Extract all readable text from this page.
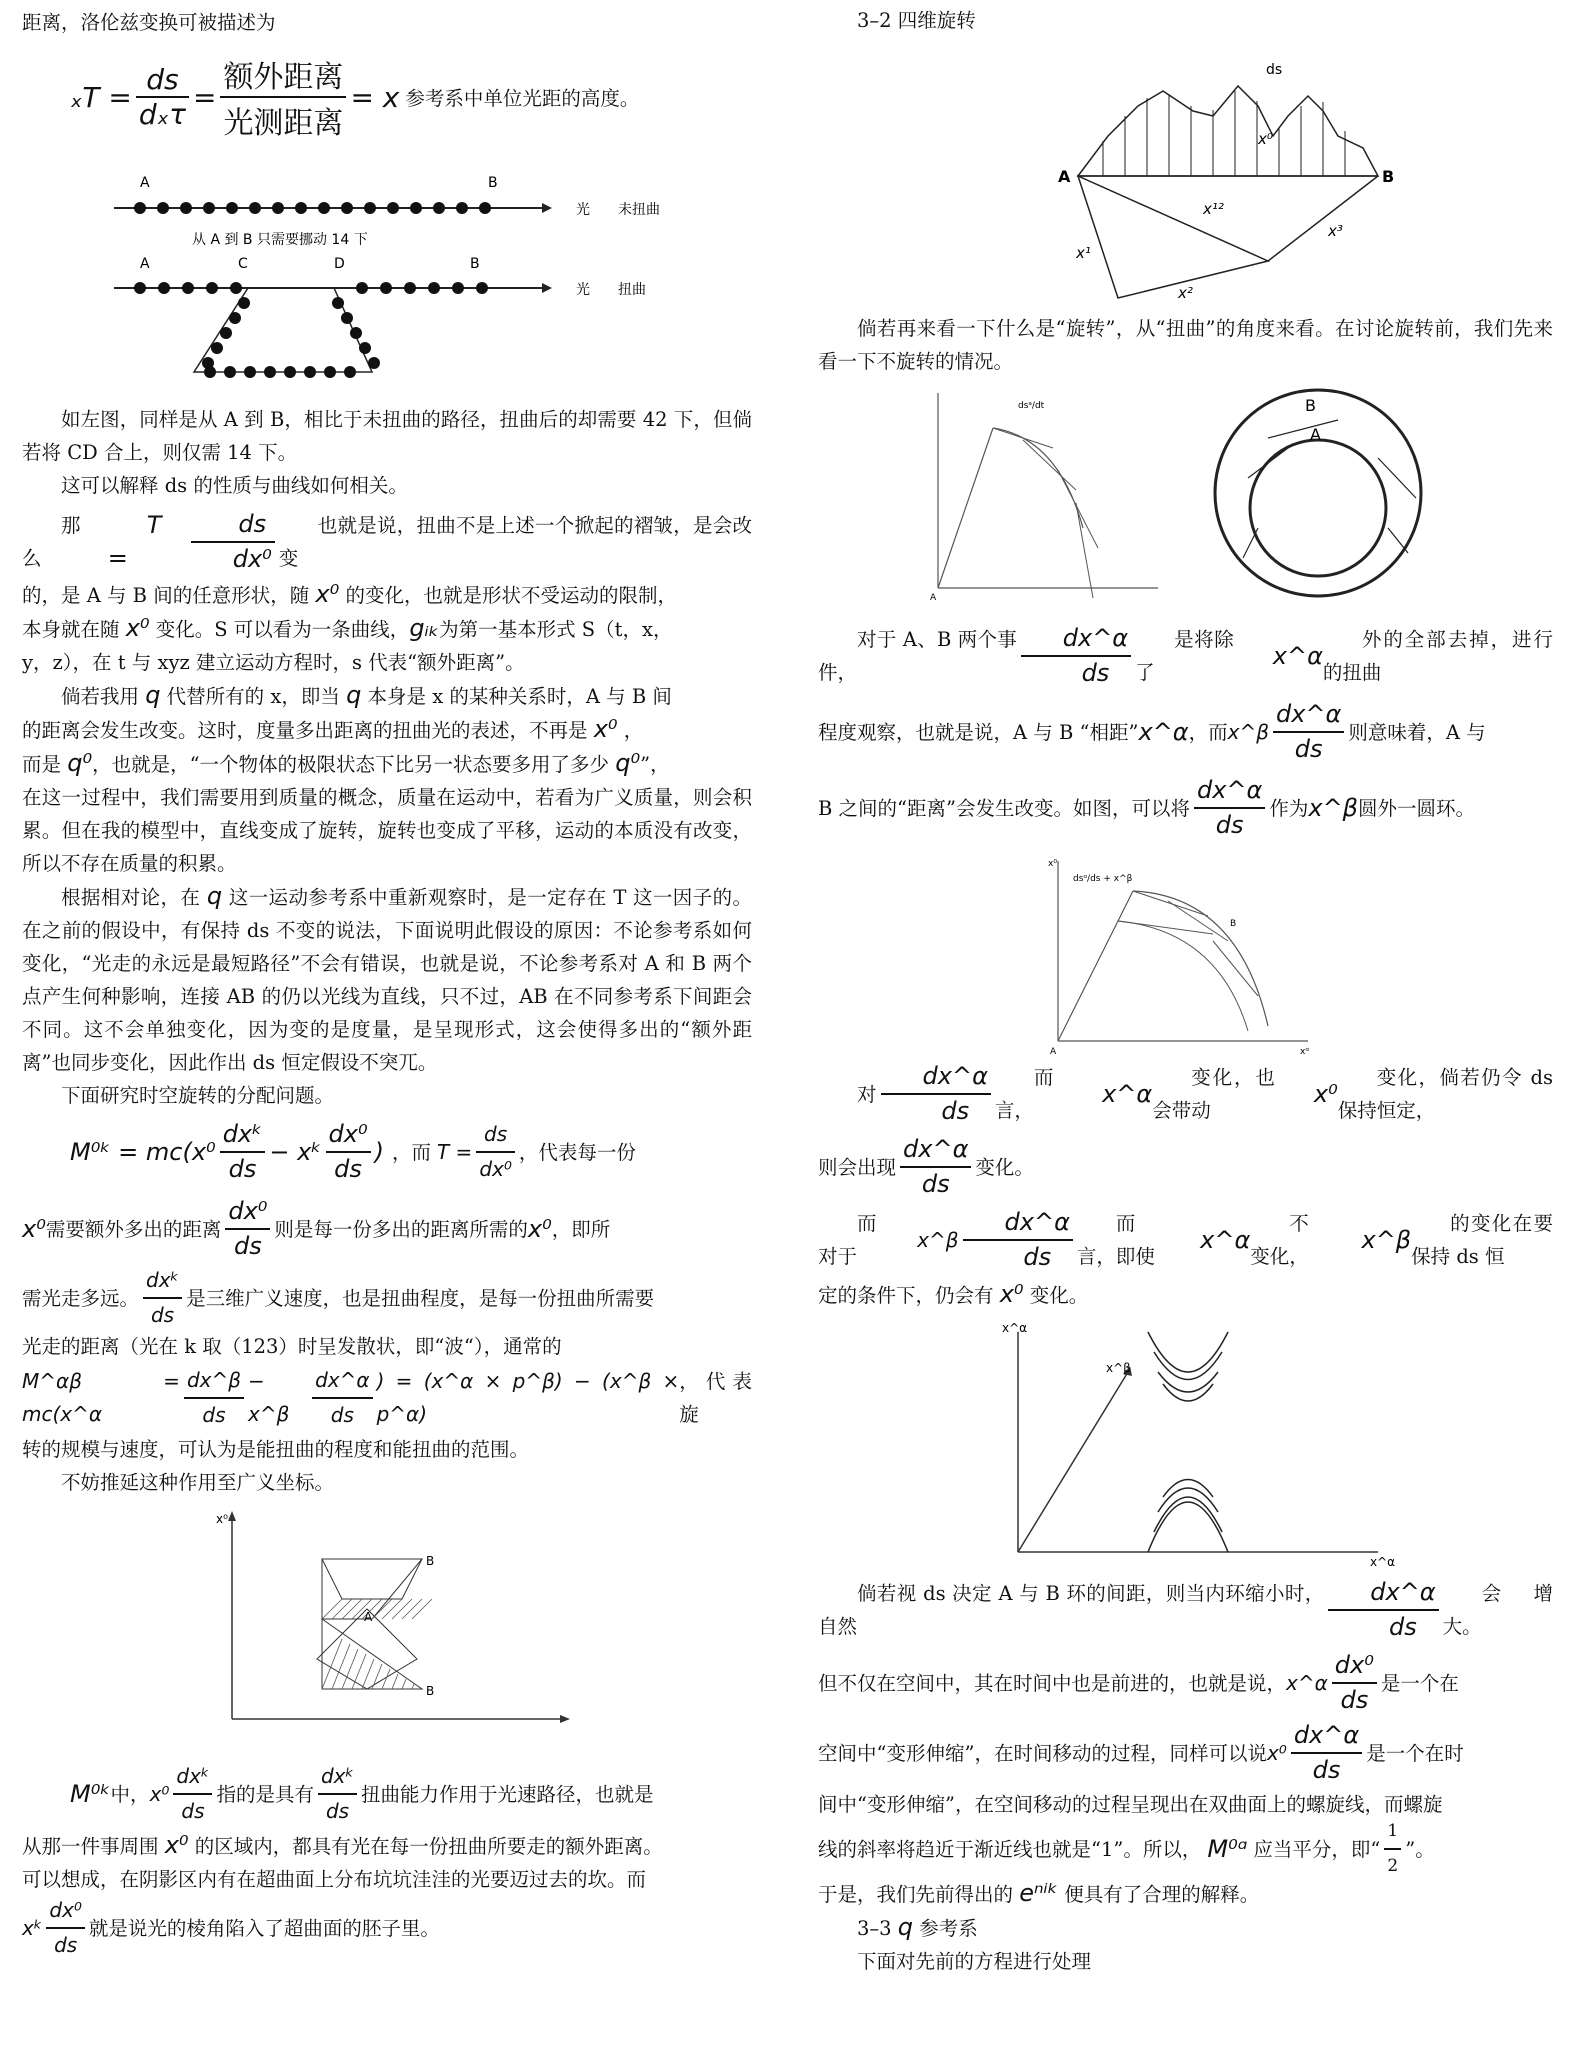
距离，洛伦兹变换可被描述为

$_xT = \frac{ds}{\text{dₓτ}} = \frac{\text{额外距离}}{\text{光测距离}} = x$ 参考系中单位光距的高度。
A	B
光　　未扭曲
从 A 到 B 只需要挪动 14 下
A	C	D	B
光　　扭曲

如左图，同样是从 A 到 B，相比于未扭曲的路径，扭曲后的却需要 42 下，但倘若将 CD 合上，则仅需 14 下。

这可以解释 ds 的性质与曲线如何相关。

那么
T =	$\frac{ds}{\text{dx⁰}}$	也就是说，扭曲不是上述一个掀起的褶皱，是会改变

的，是 A 与 B 间的任意形状，随 x⁰ 的变化，也就是形状不受运动的限制，

本身就在随 x⁰ 变化。S 可以看为一条曲线，gᵢₖ为第一基本形式 S（t，x，

y，z），在 t 与 xyz 建立运动方程时，s 代表“额外距离”。

倘若我用 q 代替所有的 x，即当 q 本身是 x 的某种关系时，A 与 B 间

的距离会发生改变。这时，度量多出距离的扭曲光的表述，不再是 x⁰ ，

而是 q⁰，也就是，“一个物体的极限状态下比另一状态要多用了多少 q⁰”，

在这一过程中，我们需要用到质量的概念，质量在运动中，若看为广义质量，则会积累。但在我的模型中，直线变成了旋转，旋转也变成了平移，运动的本质没有改变，所以不存在质量的积累。

根据相对论，在 q 这一运动参考系中重新观察时，是一定存在 T 这一因子的。在之前的假设中，有保持 ds 不变的说法，下面说明此假设的原因：不论参考系如何变化，“光走的永远是最短路径”不会有错误，也就是说，不论参考系对 A 和 B 两个点产生何种影响，连接 AB 的仍以光线为直线，只不过，AB 在不同参考系下间距会不同。这不会单独变化，因为变的是度量，是呈现形式，这会使得多出的“额外距离”也同步变化，因此作出 ds 恒定假设不突兀。

下面研究时空旋转的分配问题。

M⁰ᵏ = $mc(x^0 \frac{\text{dxᵏ}}{ds}$ − xᵏ $\frac{\text{dx⁰}}{ds}$ ) ，而 $T = \frac{ds}{\text{dx⁰}}$ ，代表每一份

x⁰ 需要额外多出的距离 $\frac{\text{dx⁰}}{ds}$ 则是每一份多出的距离所需的 x⁰ ，即所

需光走多远。 $\frac{\text{dxᵏ}}{ds}$ 是三维广义速度，也是扭曲程度，是每一份扭曲所需要

光走的距离（光在 k 取（123）时呈发散状，即“波“），通常的

M^αβ = mc(x^α	$\frac{dx\^{}\beta}{ds}$ − x^β	$\frac{dx\^{}\alpha}{ds}$ ) = (x^α × p^β) − (x^β × p^α)
，代表旋

转的规模与速度，可认为是能扭曲的程度和能扭曲的范围。

不妨推延这种作用至广义坐标。

x⁰
B
A
B

M⁰ᵏ 中， $x^0 \frac{\text{dxᵏ}}{ds}$ 指的是具有 $\frac{\text{dxᵏ}}{ds}$ 扭曲能力作用于光速路径，也就是

从那一件事周围 x⁰ 的区域内，都具有光在每一份扭曲所要走的额外距离。

可以想成，在阴影区内有在超曲面上分布坑坑洼洼的光要迈过去的坎。而

xᵏ $\frac{\text{dx⁰}}{ds}$ 就是说光的棱角陷入了超曲面的胚子里。

3–2 四维旋转

ds
A	B
x⁰
x¹²
x¹
x²
x³

倘若再来看一下什么是“旋转”，从“扭曲”的角度来看。在讨论旋转前，我们先来看一下不旋转的情况。

dsᵃ/dt
A
B
A

对于 A、B 两个事件，	$\frac{dx\^{}\alpha}{ds}$	是将除了
x^α
外的全部去掉，进行的扭曲

程度观察，也就是说，A 与 B “相距” x^α ，而 x^β $\frac{dx\^{}\alpha}{ds}$ 则意味着，A 与

B 之间的“距离”会发生改变。如图，可以将 $\frac{dx\^{}\alpha}{ds}$ 作为 x^β 圆外一圆环。

x⁰
dsᵅ/ds + x^β
B
A	xᵅ

对 $\frac{dx\^{}\alpha}{ds}$	而言，
x^α
变化，也会带动
x⁰
变化，倘若仍令 ds 保持恒定，

则会出现 $\frac{dx\^{}\alpha}{ds}$ 变化。

而对于
x^β $\frac{dx\^{}\alpha}{ds}$	而言，即使
x^α
不变化，
x^β
的变化在要保持 ds 恒

定的条件下，仍会有 x⁰ 变化。

x^α
x^β
x^α

倘若视 ds 决定 A 与 B 环的间距，则当内环缩小时，自然	$\frac{dx\^{}\alpha}{ds}$	会增大。

但不仅在空间中，其在时间中也是前进的，也就是说， x^α $\frac{\text{dx⁰}}{ds}$ 是一个在

空间中“变形伸缩”，在时间移动的过程，同样可以说 $x^0 \frac{dx\^{}\alpha}{ds}$ 是一个在时

间中“变形伸缩”，在空间移动的过程呈现出在双曲面上的螺旋线，而螺旋

线的斜率将趋近于渐近线也就是“1”。所以， M⁰ᵅ 应当平分，即“ $\frac{1}{2}$ ”。

于是，我们先前得出的 eⁿⁱᵏ 便具有了合理的解释。

3–3 q 参考系

下面对先前的方程进行处理
